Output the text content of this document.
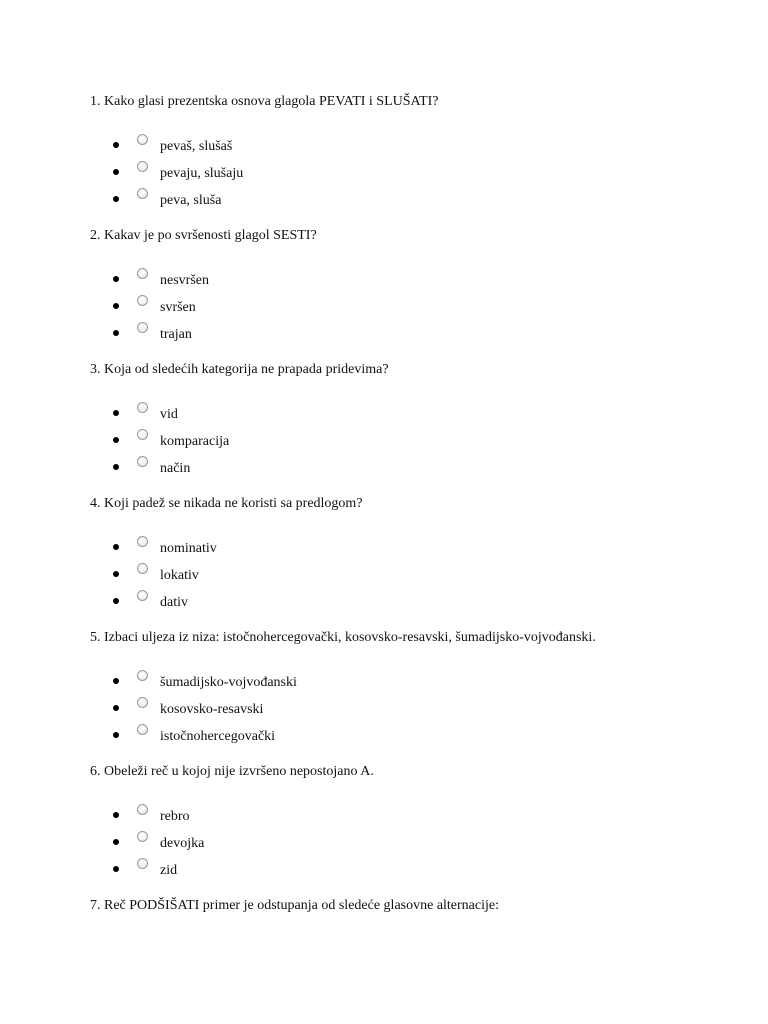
1. Kako glasi prezentska osnova glagola PEVATI i SLUŠATI?
pevaš, slušaš
pevaju, slušaju
peva, sluša
2. Kakav je po svršenosti glagol SESTI?
nesvršen
svršen
trajan
3. Koja od sledećih kategorija ne prapada pridevima?
vid
komparacija
način
4. Koji padež se nikada ne koristi sa predlogom?
nominativ
lokativ
dativ
5. Izbaci uljeza iz niza: istočnohercegovački, kosovsko-resavski, šumadijsko-vojvođanski.
šumadijsko-vojvođanski
kosovsko-resavski
istočnohercegovački
6. Obeleži reč u kojoj nije izvršeno nepostojano A.
rebro
devojka
zid
7. Reč PODŠIŠATI primer je odstupanja od sledeće glasovne alternacije:
